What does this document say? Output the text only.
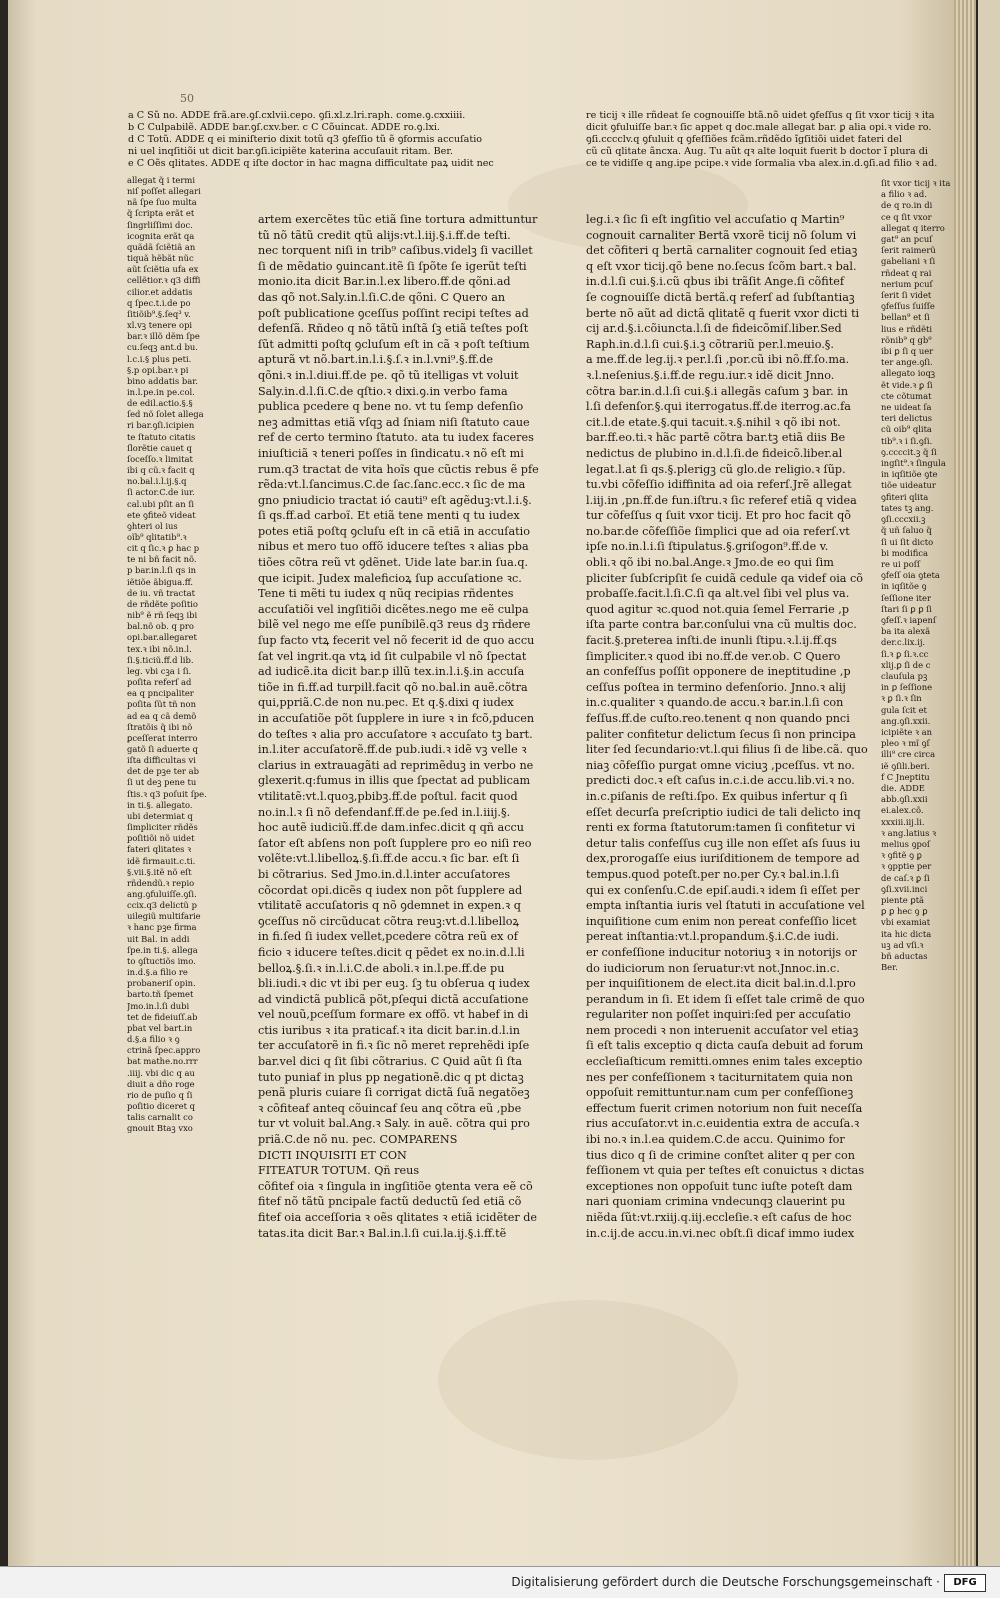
50
a C Sũ no. ADDE frã.are.ꝯſ.cxlvii.cepo. ꝯſi.xl.z.lri.raph. come.ꝯ.cxxiiii.
b C Culpabilẽ. ADDE bar.ꝯſ.cxv.ber. c C Cõuincat. ADDE ro.ꝯ.lxi.
d C Totũ. ADDE q ei miniſterio dixit totũ q3 ꝯfeſſio tũ ẽ ꝯformis accuſatio
ni uel inqſitiõi ut dicit bar.ꝯſi.icipiẽte katerina accuſauit ritam. Ber.
e C Oẽs qlitates. ADDE q iſte doctor in hac magna difficultate paꝝ uidit nec
re ticij ꝛ ille rñdeat ſe cognouiſſe btã.nõ uidet ꝯfeſſus q ſit vxor ticij ꝛ ita
dicit ꝯfuluiſſe bar.ꝛ ſic appet q doc.male allegat bar. ꝑ alia opi.ꝛ vide ro.
ꝯſi.cccclv.q ꝯfuluit q ꝯfeſſiões fcãm.rñdẽdo ĩgſitiõi uidet fateri del
cũ cũ qlitate ãncxa. Aug. Tu aũt qꝛ alte loquit fuerit b doctor ĩ plura di
ce te vidiſſe q ang.ipe pcipe.ꝛ vide ſormalia vba alex.in.d.ꝯſi.ad filio ꝛ ad.
allegat q̃ i termi
niſ poſſet allegari
nã ſpe ſuo multa
q̃ ſcripta erãt et
ſingrliſſimi doc.
icognita erãt qa
quãdã ſciẽtiã an
tiquã hẽbãt nũc
aũt ſciẽtia ufa ex
cellẽtior.ꝛ q3 diffi
cilior.et addatis
q ſpec.t.i.de po
ſitiõib⁹.§.ſeq³ v.
xl.vꝫ tenere opi
bar.ꝛ illõ dẽm ſpe
cu.ſeqꝫ ant.d bu.
l.c.i.§ plus peti.
§.p opi.bar.ꝛ pi
bino addatis bar.
in.l.pe.in pe.col.
de edil.actio.§.§
ſed nõ ſolet allega
ri bar.ꝯſi.icipien
te ſtatuto citatis
ſlorẽtie cauet q
ſoceſſo.ꝛ limitat
ibi q cũ.ꝛ facit q
no.bal.i.l.ij.§.q
ſi actor.C.de iur.
cal.ubi pſit an ſi
ete ꝯfiteõ videat
ꝯhteri ol ius
oĩb⁹ qlitatib⁹.ꝛ
cit q ſic.ꝛ ꝑ hac p
te ni bñ facit nõ.
p bar.in.l.ſi qs in
iẽtiõe ãbigua.ff.
de iu. vñ tractat
de rñdẽte poſitio
nib⁹ ẽ rñ ſeqꝫ ibi
bal.nõ ob. q pro
opi.bar.allegaret
tex.ꝛ ibi nõ.in.l.
ſi.§.ticiũ.ff.d lib.
leg. vbi cꝫa i ſi.
poſita referſ ad
ea q pncipaliter
poſita ſũt tñ non
ad ea q cã demõ
ſtratõis q̃ ibi nõ
ꝑceſſerat interro
gatõ ſi aduerte q
iſta difficultas vi
det de pꝫe ter ab
ſi ut deꝫ pene tu
ſtis.ꝛ q3 poſuit ſpe.
in ti.§. allegato.
ubi determiat q
ſimpliciter rñdẽs
poſitiõi nõ uidet
fateri qlitates ꝛ
idẽ firmauit.c.ti.
§.vii.§.itẽ nõ eſt
rñdendũ.ꝛ repio
ang.ꝯfuluiſſe.ꝯſi.
ccix.q3 delictũ p
uilegiũ multifarie
ꝛ hanc pꝫe firma
uit Bal. in addi
ſpe.in ti.§. allega
to ꝯſtuctiõs imo.
in.d.§.a filio re
probaneriſ opin.
barto.tñ ſpemet
Jmo.in.l.ſi dubi
tet de fideiuſſ.ab
pbat vel bart.in
d.§.a filio ꝛ ꝯ
ctrinã ſpec.appro
bat mathe.no.rrr
.iiij. vbi dic q au
diuit a dño roge
rio de puſio q ſi
poſitio diceret q
talis carnalit co
gnouit Btaꝫ vxo
artem exercẽtes tũc etiã ſine tortura admittuntur
tũ nõ tãtũ credit qtũ alijs:vt.l.iij.§.i.ff.de teſti.
nec torquent niſi in trib⁹ caſibus.videlꝫ ſi vacillet
ſi de mẽdatio ꝯuincant.itẽ ſi ſpõte ſe igerũt teſti
monio.ita dicit Bar.in.l.ex libero.ff.de qõni.ad
das qõ not.Saly.in.l.ſi.C.de qõni. C Quero an
poſt publicatione ꝯceſſus poſſint recipi teſtes ad
defenſã. Rñdeo q nõ tãtũ inſtã ſꝫ etiã teſtes poſt
ſũt admitti poſtq ꝯcluſum eſt in cã ꝛ poſt teſtium
apturã vt nõ.bart.in.l.i.§.ſ.ꝛ in.l.vni⁹.§.ff.de
qõni.ꝛ in.l.diui.ff.de pe. qõ tũ itelligas vt voluit
Saly.in.d.l.ſi.C.de qſtio.ꝛ dixi.ꝯ.in verbo fama
publica pcedere q bene no. vt tu ſemp defenſio
neꝫ admittas etiã vſqꝫ ad ſniam niſi ſtatuto caue
ref de certo termino ſtatuto. ata tu iudex faceres
iniuſticiã ꝛ teneri poſſes in ſindicatu.ꝛ nõ eſt mi
rum.q3 tractat de vita hoĩs que cũctis rebus ẽ pfe
rẽda:vt.l.ſancimus.C.de ſac.ſanc.ecc.ꝛ ſic de ma
gno pniudicio tractat ió cauti⁹ eſt agẽduꝫ:vt.l.i.§.
ſi qs.ff.ad carboĩ. Et etiã tene menti q tu iudex
potes etiã poſtq ꝯcluſu eſt in cã etiã in accuſatio
nibus et mero tuo offõ iducere teſtes ꝛ alias pba
tiões cõtra reũ vt ꝯdẽnet. Uide late bar.in ſua.q.
que icipit. Judex maleficioꝝ ſup accuſatione ꝛc.
Tene ti mẽti tu iudex q nũq recipias rñdentes
accuſatiõi vel ingſitiõi dicẽtes.nego me eẽ culpa
bilẽ vel nego me eſſe puníbilẽ.q3 reus dꝫ rñdere
ſup facto vtꝝ fecerit vel nõ fecerit id de quo accu
ſat vel ingrit.qa vtꝝ id ſit culpabile vl nõ ſpectat
ad iudicẽ.ita dicit bar.p illũ tex.in.l.i.§.in accuſa
tiõe in fi.ff.ad turpilł.facit qõ no.bal.in auẽ.cõtra
qui,ppriã.C.de non nu.pec. Et q.§.dixi q iudex
in accuſatiõe põt ſupplere in iure ꝛ in fcõ,pducen
do teſtes ꝛ alia pro accuſatore ꝛ accuſato tꝫ bart.
in.l.iter accuſatorẽ.ff.de pub.iudi.ꝛ idẽ vꝫ velle ꝛ
clarius in extrauagãti ad reprimẽduꝫ in verbo ne
glexerit.q:fumus in illis que ſpectat ad publicam
vtilitatẽ:vt.l.quoꝫ,pbibꝫ.ff.de poſtul. facit quod
no.in.l.ꝛ ſi nõ defendanf.ff.de pe.ſed in.l.iiij.§.
hoc autẽ iudiciũ.ff.de dam.infec.dicit q qñ accu
ſator eſt abſens non poſt ſupplere pro eo niſi reo
volẽte:vt.l.libelloꝝ.§.ſi.ff.de accu.ꝛ ſic bar. eſt ſi
bi cõtrarius. Sed Jmo.in.d.l.inter accuſatores
cõcordat opi.dicẽs q iudex non põt ſupplere ad
vtilitatẽ accuſatoris q nõ ꝯdemnet in expen.ꝛ q
ꝯceſſus nõ circũducat cõtra reuꝫ:vt.d.l.libelloꝝ
in fi.ſed ſi iudex vellet,pcedere cõtra reũ ex of
ficio ꝛ iducere teſtes.dicit q pẽdet ex no.in.d.l.li
belloꝝ.§.ſi.ꝛ in.l.i.C.de aboli.ꝛ in.l.pe.ff.de pu
bli.iudi.ꝛ dic vt ibi per euꝫ. ſꝫ tu obſerua q iudex
ad vindictã publicã põt,pſequi dictã accuſatione
vel nouũ,pceſſum formare ex offõ. vt habef in di
ctis iuribus ꝛ ita praticaf.ꝛ ita dicit bar.in.d.l.in
ter accuſatorẽ in fi.ꝛ ſic nõ meret reprehẽdi ipſe
bar.vel dici q ſit ſibi cõtrarius. C Quid aũt ſi ſta
tuto puniaf in plus pp negationẽ.dic q pt dictaꝫ
penã pluris cuiare ſi corrigat dictã ſuã negatõeꝫ
ꝛ cõfiteaf anteq cõuincaf ſeu anq cõtra eũ ,pbe
tur vt voluit bal.Ang.ꝛ Saly. in auẽ. cõtra qui pro
priã.C.de nõ nu. pec. COMPARENS
DICTI INQUISITI ET CON
FITEATUR TOTUM. Qñ reus
cõfitef oia ꝛ ſingula in ingſitiõe ꝯtenta vera eẽ cõ
fitef nõ tãtũ pncipale factũ deductũ ſed etiã cõ
fitef oia acceſſoria ꝛ oẽs qlitates ꝛ etiã icidẽter de
tatas.ita dicit Bar.ꝛ Bal.in.l.ſi cui.la.ij.§.i.ff.tẽ
leg.i.ꝛ ſic ſi eſt ingſitio vel accuſatio q Martin⁹
cognouit carnaliter Bertã vxorẽ ticij nõ ſolum vi
det cõfiteri q bertã carnaliter cognouit ſed etiaꝫ
q eſt vxor ticij.qõ bene no.ſecus ſcõm bart.ꝛ bal.
in.d.l.ſi cui.§.i.cũ qbus ibi trãſit Ange.ſi cõfitef
ſe cognouiſſe dictã bertã.q referſ ad ſubſtantiaꝫ
berte nõ aũt ad dictã qlitatẽ q fuerit vxor dicti ti
cij ar.d.§.i.cõiuncta.l.ſi de fideicõmiſ.liber.Sed
Raph.in.d.l.ſi cui.§.i.ꝫ cõtrariũ per.l.meuio.§.
a me.ff.de leg.ij.ꝛ per.l.ſi ,por.cũ ibi nõ.ff.ſo.ma.
ꝛ.l.neſenius.§.i.ff.de regu.iur.ꝛ idẽ dicit Jnno.
cõtra bar.in.d.l.ſi cui.§.i allegãs caſum ꝫ bar. in
l.ſi defenſor.§.qui iterrogatus.ff.de iterrog.ac.fa
cit.l.de etate.§.qui tacuit.ꝛ.§.nihil ꝛ qõ ibi not.
bar.ff.eo.ti.ꝛ hãc partẽ cõtra bar.tꝫ etiã diis Be
nedictus de plubino in.d.l.ſi.de fideicõ.liber.al
legat.l.at ſi qs.§.plerigꝫ cũ glo.de religio.ꝛ ſũp.
tu.vbi cõfeſſio idiffinita ad oia referſ.Jrẽ allegat
l.iij.in ,pn.ff.de fun.iſtru.ꝛ ſic referef etiã q videa
tur cõfeſſus q ſuit vxor ticij. Et pro hoc facit qõ
no.bar.de cõfeſſiõe ſimplici que ad oia referſ.vt
ipſe no.in.l.i.ſi ſtipulatus.§.griſogon⁹.ff.de v.
obli.ꝛ qõ ibi no.bal.Ange.ꝛ Jmo.de eo qui ſim
pliciter ſubſcripſit ſe cuidã cedule qa videf oia cõ
probaſſe.facit.l.ſi.C.ſi qa alt.vel ſibi vel plus va.
quod agitur ꝛc.quod not.quia ſemel Ferrarie ,p
iſta parte contra bar.conſului vna cũ multis doc.
facit.§.preterea inſti.de inunli ſtipu.ꝛ.l.ij.ff.qs
ſimpliciter.ꝛ quod ibi no.ff.de ver.ob. C Quero
an confeſſus poſſit opponere de ineptitudine ,p
ceſſus poſtea in termino defenſorio. Jnno.ꝛ alij
in.c.qualiter ꝛ quando.de accu.ꝛ bar.in.l.ſi con
feſſus.ff.de cuſto.reo.tenent q non quando pnci
paliter confitetur delictum ſecus ſi non principa
liter ſed ſecundario:vt.l.qui filius ſi de libe.cã. quo
niaꝫ cõfeſſio purgat omne viciuꝫ ,pceſſus. vt no.
predicti doc.ꝛ eſt caſus in.c.i.de accu.lib.vi.ꝛ no.
in.c.piſanis de reſti.ſpo. Ex quibus infertur q ſi
eſſet decurſa preſcriptio iudici de tali delicto inq
renti ex forma ſtatutorum:tamen ſi confitetur vi
detur talis confeſſus cuꝫ ille non eſſet aſs ſuus iu
dex,prorogaſſe eius iuriſditionem de tempore ad
tempus.quod poteſt.per no.per Cy.ꝛ bal.in.l.ſi
qui ex conſenſu.C.de epiſ.audi.ꝛ idem ſi eſſet per
empta inſtantia iuris vel ſtatuti in accuſatione vel
inquiſitione cum enim non pereat confeſſio licet
pereat inſtantia:vt.l.propandum.§.i.C.de iudi.
er confeſſione inducitur notoriuꝫ ꝛ in notorijs or
do iudiciorum non ſeruatur:vt not.Jnnoc.in.c.
per inquiſitionem de elect.ita dicit bal.in.d.l.pro
perandum in ſi. Et idem ſi eſſet tale crimẽ de quo
regulariter non poſſet inquiri:ſed per accuſatio
nem procedi ꝛ non interuenit accuſator vel etiaꝫ
ſi eſt talis exceptio q dicta cauſa debuit ad forum
eccleſiaſticum remitti.omnes enim tales exceptio
nes per confeſſionem ꝛ taciturnitatem quia non
oppoſuit remittuntur.nam cum per confeſſioneꝫ
effectum fuerit crimen notorium non fuit neceſſa
rius accuſator.vt in.c.euidentia extra de accuſa.ꝛ
ibi no.ꝛ in.l.ea quidem.C.de accu. Quinimo for
tius dico q ſi de crimine conſtet aliter q per con
feſſionem vt quia per teſtes eſt conuictus ꝛ dictas
exceptiones non oppoſuit tunc iuſte poteſt dam
nari quoniam crimina vndecunqꝫ clauerint pu
niẽda ſũt:vt.rxiij.q.iij.eccleſie.ꝛ eſt caſus de hoc
in.c.ij.de accu.in.vi.nec obſt.ſi dicaf immo iudex
ſit vxor ticij ꝛ ita
a filio ꝛ ad.
de q ro.in di
ce q ſit vxor
allegat q iterro
gat⁹ an pcuſ
ſerit raimerũ
gabeliani ꝛ ſi
rñdeat q rai
nerium pcuſ
ſerit ſi videt
ꝯfeſſus ſuiſſe
bellan⁹ et ſi
lius e rñdẽti
rõnib⁹ q gb⁹
ibi ꝑ ſi q uer
ter ange.ꝯſi.
allegato ioqꝫ
ẽt vide.ꝛ ꝑ ſi
cte cõtumat
ne uideat ſa
teri delictus
cũ oib⁹ qlita
tib⁹.ꝛ i ſi.ꝯſi.
ꝯ.ccccit.ꝫ q̃ ſi
ingſit⁹.ꝛ ſingula
in iqſitiõe ꝯte
tiõe uideatur
ꝯfiteri qlita
tates tꝫ ang.
ꝯſi.cccxii.ꝫ
q̃ uñ ſaluo q̃
ſi ui ſit dicto
bi modifica
re ui poſſ
ꝯfeſſ oia ꝯteta
in iqſitõe ꝯ
ſeſſione iter
ſtari ſi ꝑ ꝑ ſi
ꝯfeſſ.ꝛ iapenſ
ba ita alexã
der.c.lix.ij.
ſi.ꝛ ꝑ ſi.ꝛ.cc
xlij.ꝑ ſi de c
clauſula pꝫ
in ꝑ ſeſſione
ꝛ ꝑ ſi.ꝛ ſin
gula ſcit et
ang.ꝯſi.xxii.
icipiẽte ꝛ an
pleo ꝛ mĩ ꝯſ
illi⁹ cre circa
iẽ ꝯſili.beri.
f C Jneptitu
die. ADDE
abb.ꝯſi.xxii
ei.alex.cõ.
xxxiii.iij.li.
ꝛ ang.latius ꝛ
melius ꝯpoſ
ꝛ ꝯfitẽ ꝯ ꝑ
ꝛ ꝯpptie per
de caſ.ꝛ ꝑ ſi
ꝯſi.xvii.inci
piente ꝑtã
ꝑ ꝑ hec ꝯ ꝑ
vbi examiat
ita hic dicta
uꝫ ad vſi.ꝛ
bñ aductas
Ber.
Digitalisierung gefördert durch die Deutsche Forschungsgemeinschaft ·	DFG
